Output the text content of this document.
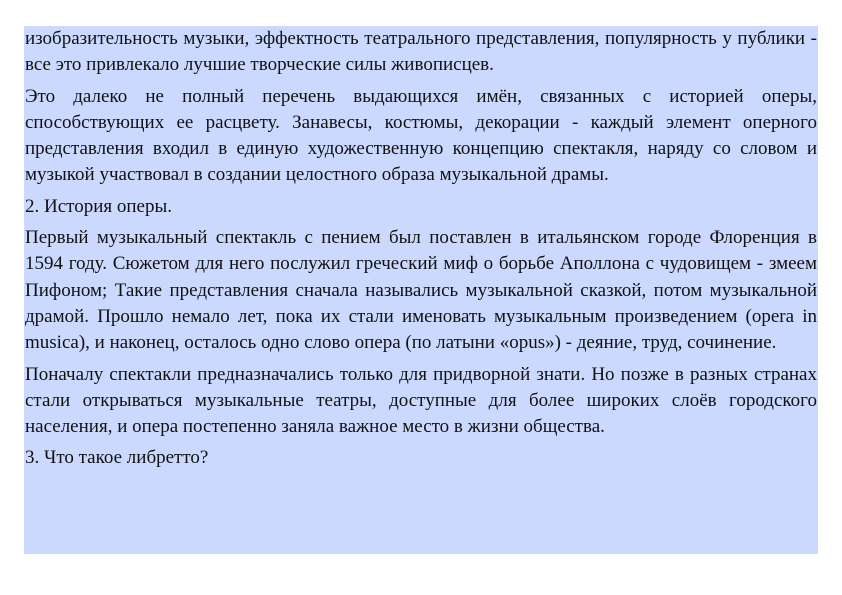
изобразительность музыки, эффектность театрального представления, популярность у публики - все это привлекало лучшие творческие силы живописцев.

Это далеко не полный перечень выдающихся имён, связанных с историей оперы, способствующих ее расцвету. Занавесы, костюмы, декорации - каждый элемент оперного представления входил в единую художественную концепцию спектакля, наряду со словом и музыкой участвовал в создании целостного образа музыкальной драмы.

2. История оперы.

Первый музыкальный спектакль с пением был поставлен в итальянском городе Флоренция в 1594 году. Сюжетом для него послужил греческий миф о борьбе Аполлона с чудовищем - змеем Пифоном; Такие представления сначала назывались музыкальной сказкой, потом музыкальной драмой. Прошло немало лет, пока их стали именовать музыкальным произведением (opera in musica), и наконец, осталось одно слово опера (по латыни «opus») - деяние, труд, сочинение.

Поначалу спектакли предназначались только для придворной знати. Но позже в разных странах стали открываться музыкальные театры, доступные для более широких слоёв городского населения, и опера постепенно заняла важное место в жизни общества.

3. Что такое либретто?
